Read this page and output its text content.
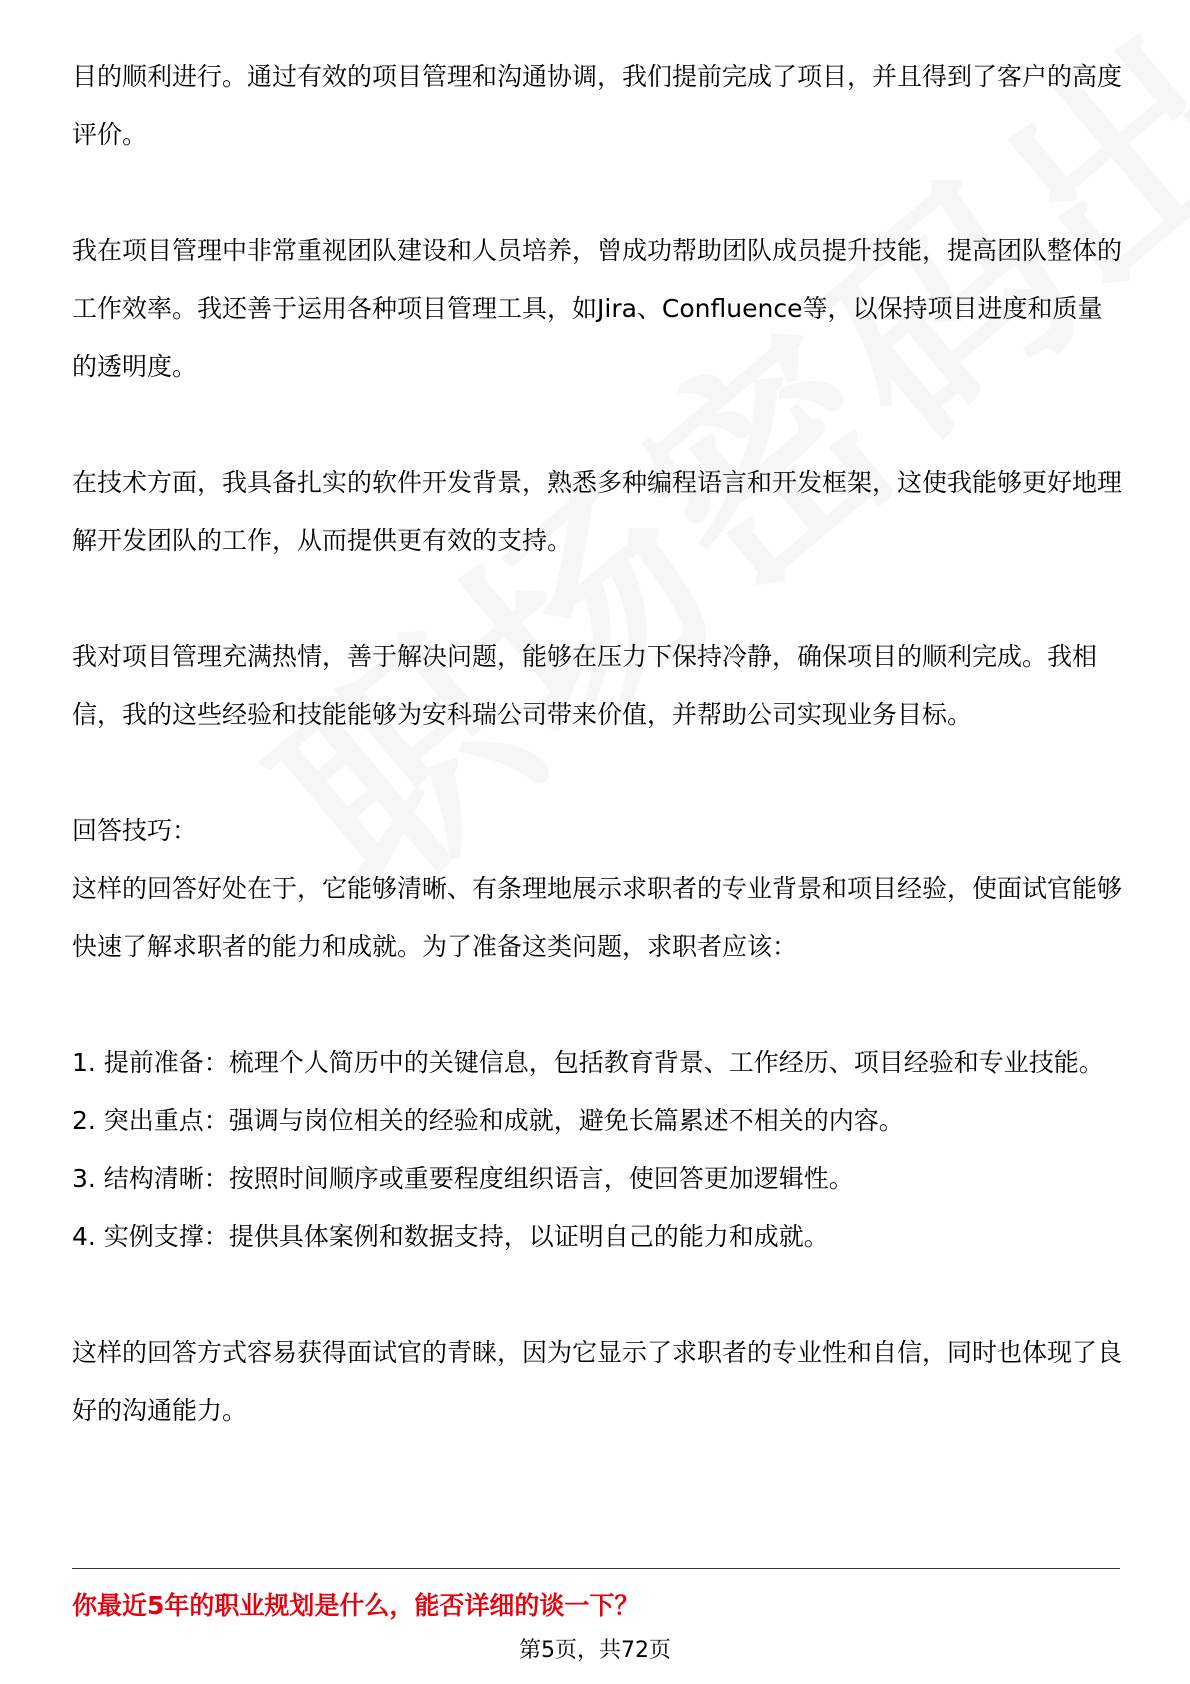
目的顺利进行。通过有效的项目管理和沟通协调，我们提前完成了项目，并且得到了客户的高度评价。

我在项目管理中非常重视团队建设和人员培养，曾成功帮助团队成员提升技能，提高团队整体的工作效率。我还善于运用各种项目管理工具，如Jira、Confluence等，以保持项目进度和质量的透明度。

在技术方面，我具备扎实的软件开发背景，熟悉多种编程语言和开发框架，这使我能够更好地理解开发团队的工作，从而提供更有效的支持。

我对项目管理充满热情，善于解决问题，能够在压力下保持冷静，确保项目的顺利完成。我相信，我的这些经验和技能能够为安科瑞公司带来价值，并帮助公司实现业务目标。

回答技巧：

这样的回答好处在于，它能够清晰、有条理地展示求职者的专业背景和项目经验，使面试官能够快速了解求职者的能力和成就。为了准备这类问题，求职者应该：

1. 提前准备：梳理个人简历中的关键信息，包括教育背景、工作经历、项目经验和专业技能。
2. 突出重点：强调与岗位相关的经验和成就，避免长篇累述不相关的内容。
3. 结构清晰：按照时间顺序或重要程度组织语言，使回答更加逻辑性。
4. 实例支撑：提供具体案例和数据支持，以证明自己的能力和成就。

这样的回答方式容易获得面试官的青睐，因为它显示了求职者的专业性和自信，同时也体现了良好的沟通能力。

你最近5年的职业规划是什么，能否详细的谈一下？
第5页，共72页
